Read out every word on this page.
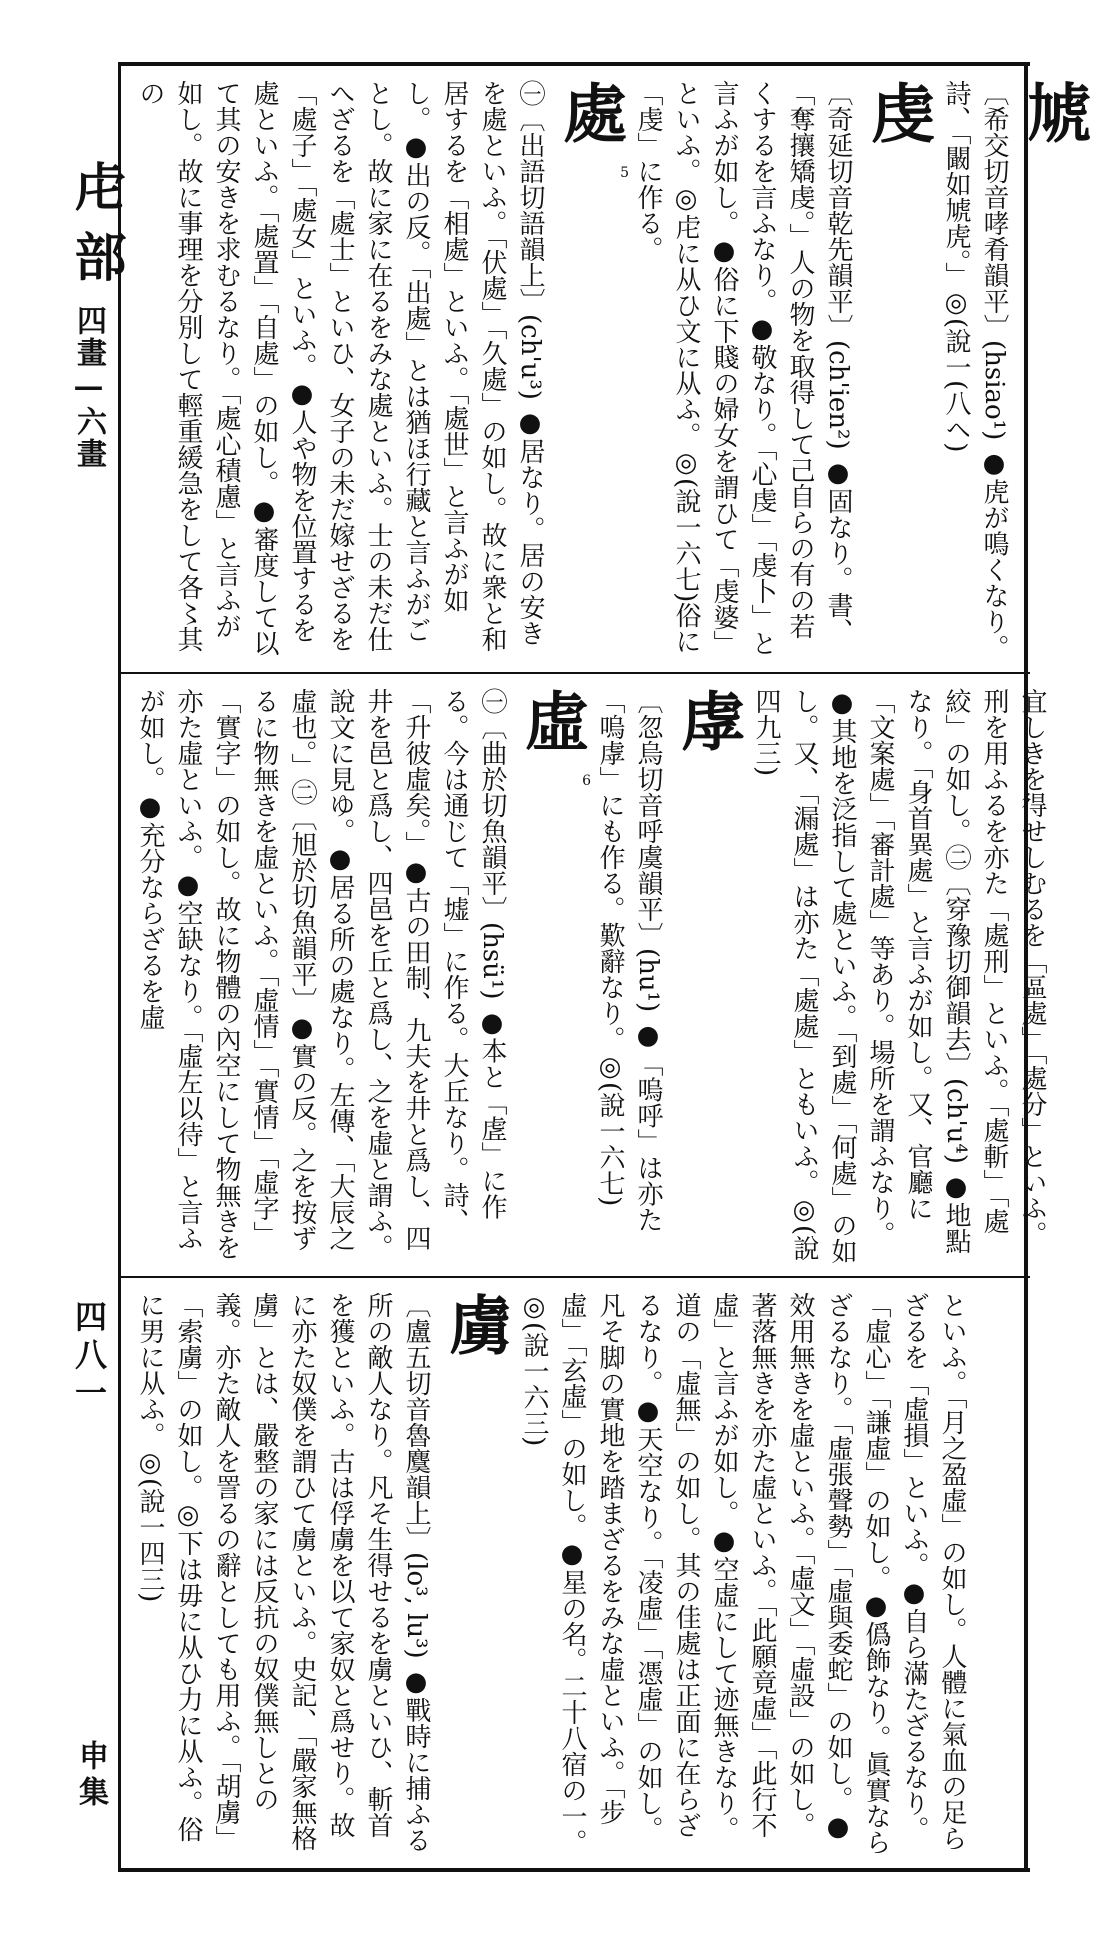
虍部
四畫—六畫
四八一
申集
虓
〔希交切音哮肴韻平〕(hsiao¹) ●虎が鳴くなり。詩、「闞如虓虎。」◎(說一(八ヘ)
虔
〔奇延切音乾先韻平〕(ch'ien²) ●固なり。書、「奪攘矯虔。」人の物を取得して己自らの有の若くするを言ふなり。●敬なり。「心虔」「虔卜」と言ふが如し。●俗に下賤の婦女を謂ひて「虔婆」といふ。◎虍に从ひ文に从ふ。◎(說一六七)俗に「虔」に作る。
處5
㊀〔出語切語韻上〕(ch'u³) ●居なり。居の安きを處といふ。「伏處」「久處」の如し。故に衆と和居するを「相處」といふ。「處世」と言ふが如し。●出の反。「出處」とは猶ほ行藏と言ふがごとし。故に家に在るをみな處といふ。士の未だ仕へざるを「處士」といひ、女子の未だ嫁せざるを「處子」「處女」といふ。●人や物を位置するを處といふ。「處置」「自處」の如し。●審度して以て其の安きを求むるなり。「處心積慮」と言ふが如し。故に事理を分別して輕重緩急をして各〻其の
宜しきを得せしむるを「區處」「處分」といふ。刑を用ふるを亦た「處刑」といふ。「處斬」「處絞」の如し。㊁〔穿豫切御韻去〕(ch'u⁴) ●地點なり。「身首異處」と言ふが如し。又、官廳に「文案處」「審計處」等あり。場所を謂ふなり。●其地を泛指して處といふ。「到處」「何處」の如し。又、「漏處」は亦た「處處」ともいふ。◎(說四九三)
虖
〔忽烏切音呼虞韻平〕(hu¹) ●「嗚呼」は亦た「嗚虖」にも作る。歎辭なり。◎(說一六七)
虛6
㊀〔曲於切魚韻平〕(hsü¹) ●本と「虗」に作る。今は通じて「墟」に作る。大丘なり。詩、「升彼虛矣。」●古の田制、九夫を井と爲し、四井を邑と爲し、四邑を丘と爲し、之を虛と謂ふ。說文に見ゆ。●居る所の處なり。左傳、「大辰之虛也。」㊁〔旭於切魚韻平〕●實の反。之を按ずるに物無きを虛といふ。「虛情」「實情」「虛字」「實字」の如し。故に物體の內空にして物無きを亦た虛といふ。●空缺なり。「虛左以待」と言ふが如し。●充分ならざるを虛
といふ。「月之盈虛」の如し。人體に氣血の足らざるを「虛損」といふ。●自ら滿たざるなり。「虛心」「謙虛」の如し。●僞飾なり。眞實ならざるなり。「虛張聲勢」「虛與委蛇」の如し。●效用無きを虛といふ。「虛文」「虛設」の如し。著落無きを亦た虛といふ。「此願竟虛」「此行不虛」と言ふが如し。●空虛にして迹無きなり。道の「虛無」の如し。其の佳處は正面に在らざるなり。●天空なり。「凌虛」「憑虛」の如し。凡そ脚の實地を踏まざるをみな虛といふ。「步虛」「玄虛」の如し。●星の名。二十八宿の一。◎(說一六三)
虜
〔盧五切音魯麌韻上〕(lo³, lu³) ●戰時に捕ふる所の敵人なり。凡そ生得せるを虜といひ、斬首を獲といふ。古は俘虜を以て家奴と爲せり。故に亦た奴僕を謂ひて虜といふ。史記、「嚴家無格虜」とは、嚴整の家には反抗の奴僕無しとの義。亦た敵人を詈るの辭としても用ふ。「胡虜」「索虜」の如し。◎下は毋に从ひ力に从ふ。俗に男に从ふ。◎(說一四三)
